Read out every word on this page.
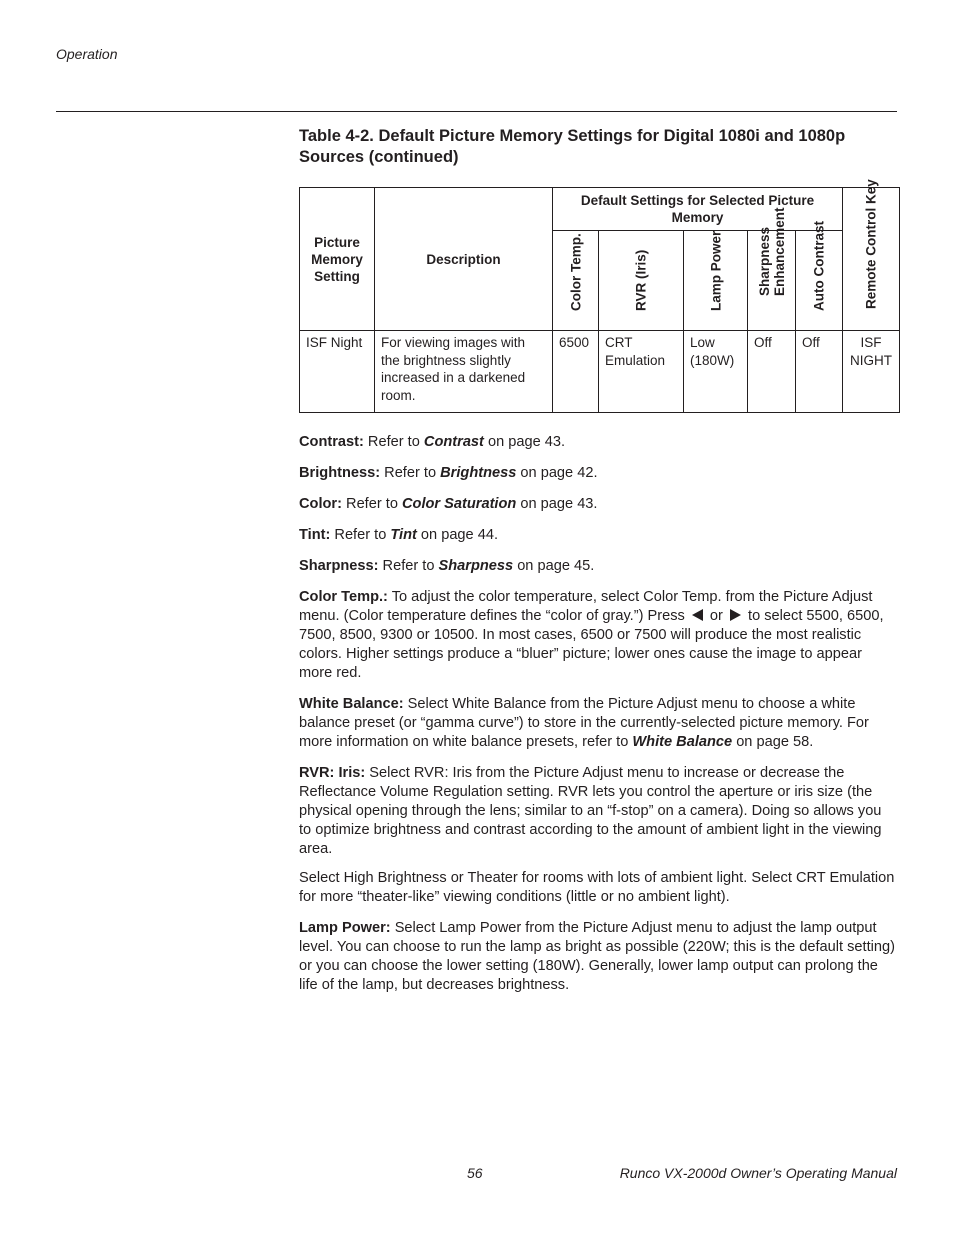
Operation
Table 4-2. Default Picture Memory Settings for Digital 1080i and 1080p
Sources (continued)
Picture Memory Setting	Description	Default Settings for Selected Picture Memory					Remote Control Key

		Color Temp.	RVR (Iris)	Lamp Power	Sharpness
Enhancement	Auto Contrast	

ISF Night	For viewing images with the brightness slightly increased in a darkened room.	6500	CRT Emulation	Low (180W)	Off	Off	ISF NIGHT

Contrast: Refer to Contrast on page 43.

Brightness: Refer to Brightness on page 42.

Color: Refer to Color Saturation on page 43.

Tint: Refer to Tint on page 44.

Sharpness: Refer to Sharpness on page 45.

Color Temp.: To adjust the color temperature, select Color Temp. from the Picture Adjust menu. (Color temperature defines the “color of gray.”) Press  or  to select 5500, 6500, 7500, 8500, 9300 or 10500. In most cases, 6500 or 7500 will produce the most realistic colors. Higher settings produce a “bluer” picture; lower ones cause the image to appear more red.

White Balance: Select White Balance from the Picture Adjust menu to choose a white balance preset (or “gamma curve”) to store in the currently-selected picture memory. For more information on white balance presets, refer to White Balance on page 58.

RVR: Iris: Select RVR: Iris from the Picture Adjust menu to increase or decrease the Reflectance Volume Regulation setting. RVR lets you control the aperture or iris size (the physical opening through the lens; similar to an “f-stop” on a camera). Doing so allows you to optimize brightness and contrast according to the amount of ambient light in the viewing area.

Select High Brightness or Theater for rooms with lots of ambient light. Select CRT Emulation for more “theater-like” viewing conditions (little or no ambient light).

Lamp Power: Select Lamp Power from the Picture Adjust menu to adjust the lamp output level. You can choose to run the lamp as bright as possible (220W; this is the default setting) or you can choose the lower setting (180W). Generally, lower lamp output can prolong the life of the lamp, but decreases brightness.

56	Runco VX-2000d Owner’s Operating Manual
